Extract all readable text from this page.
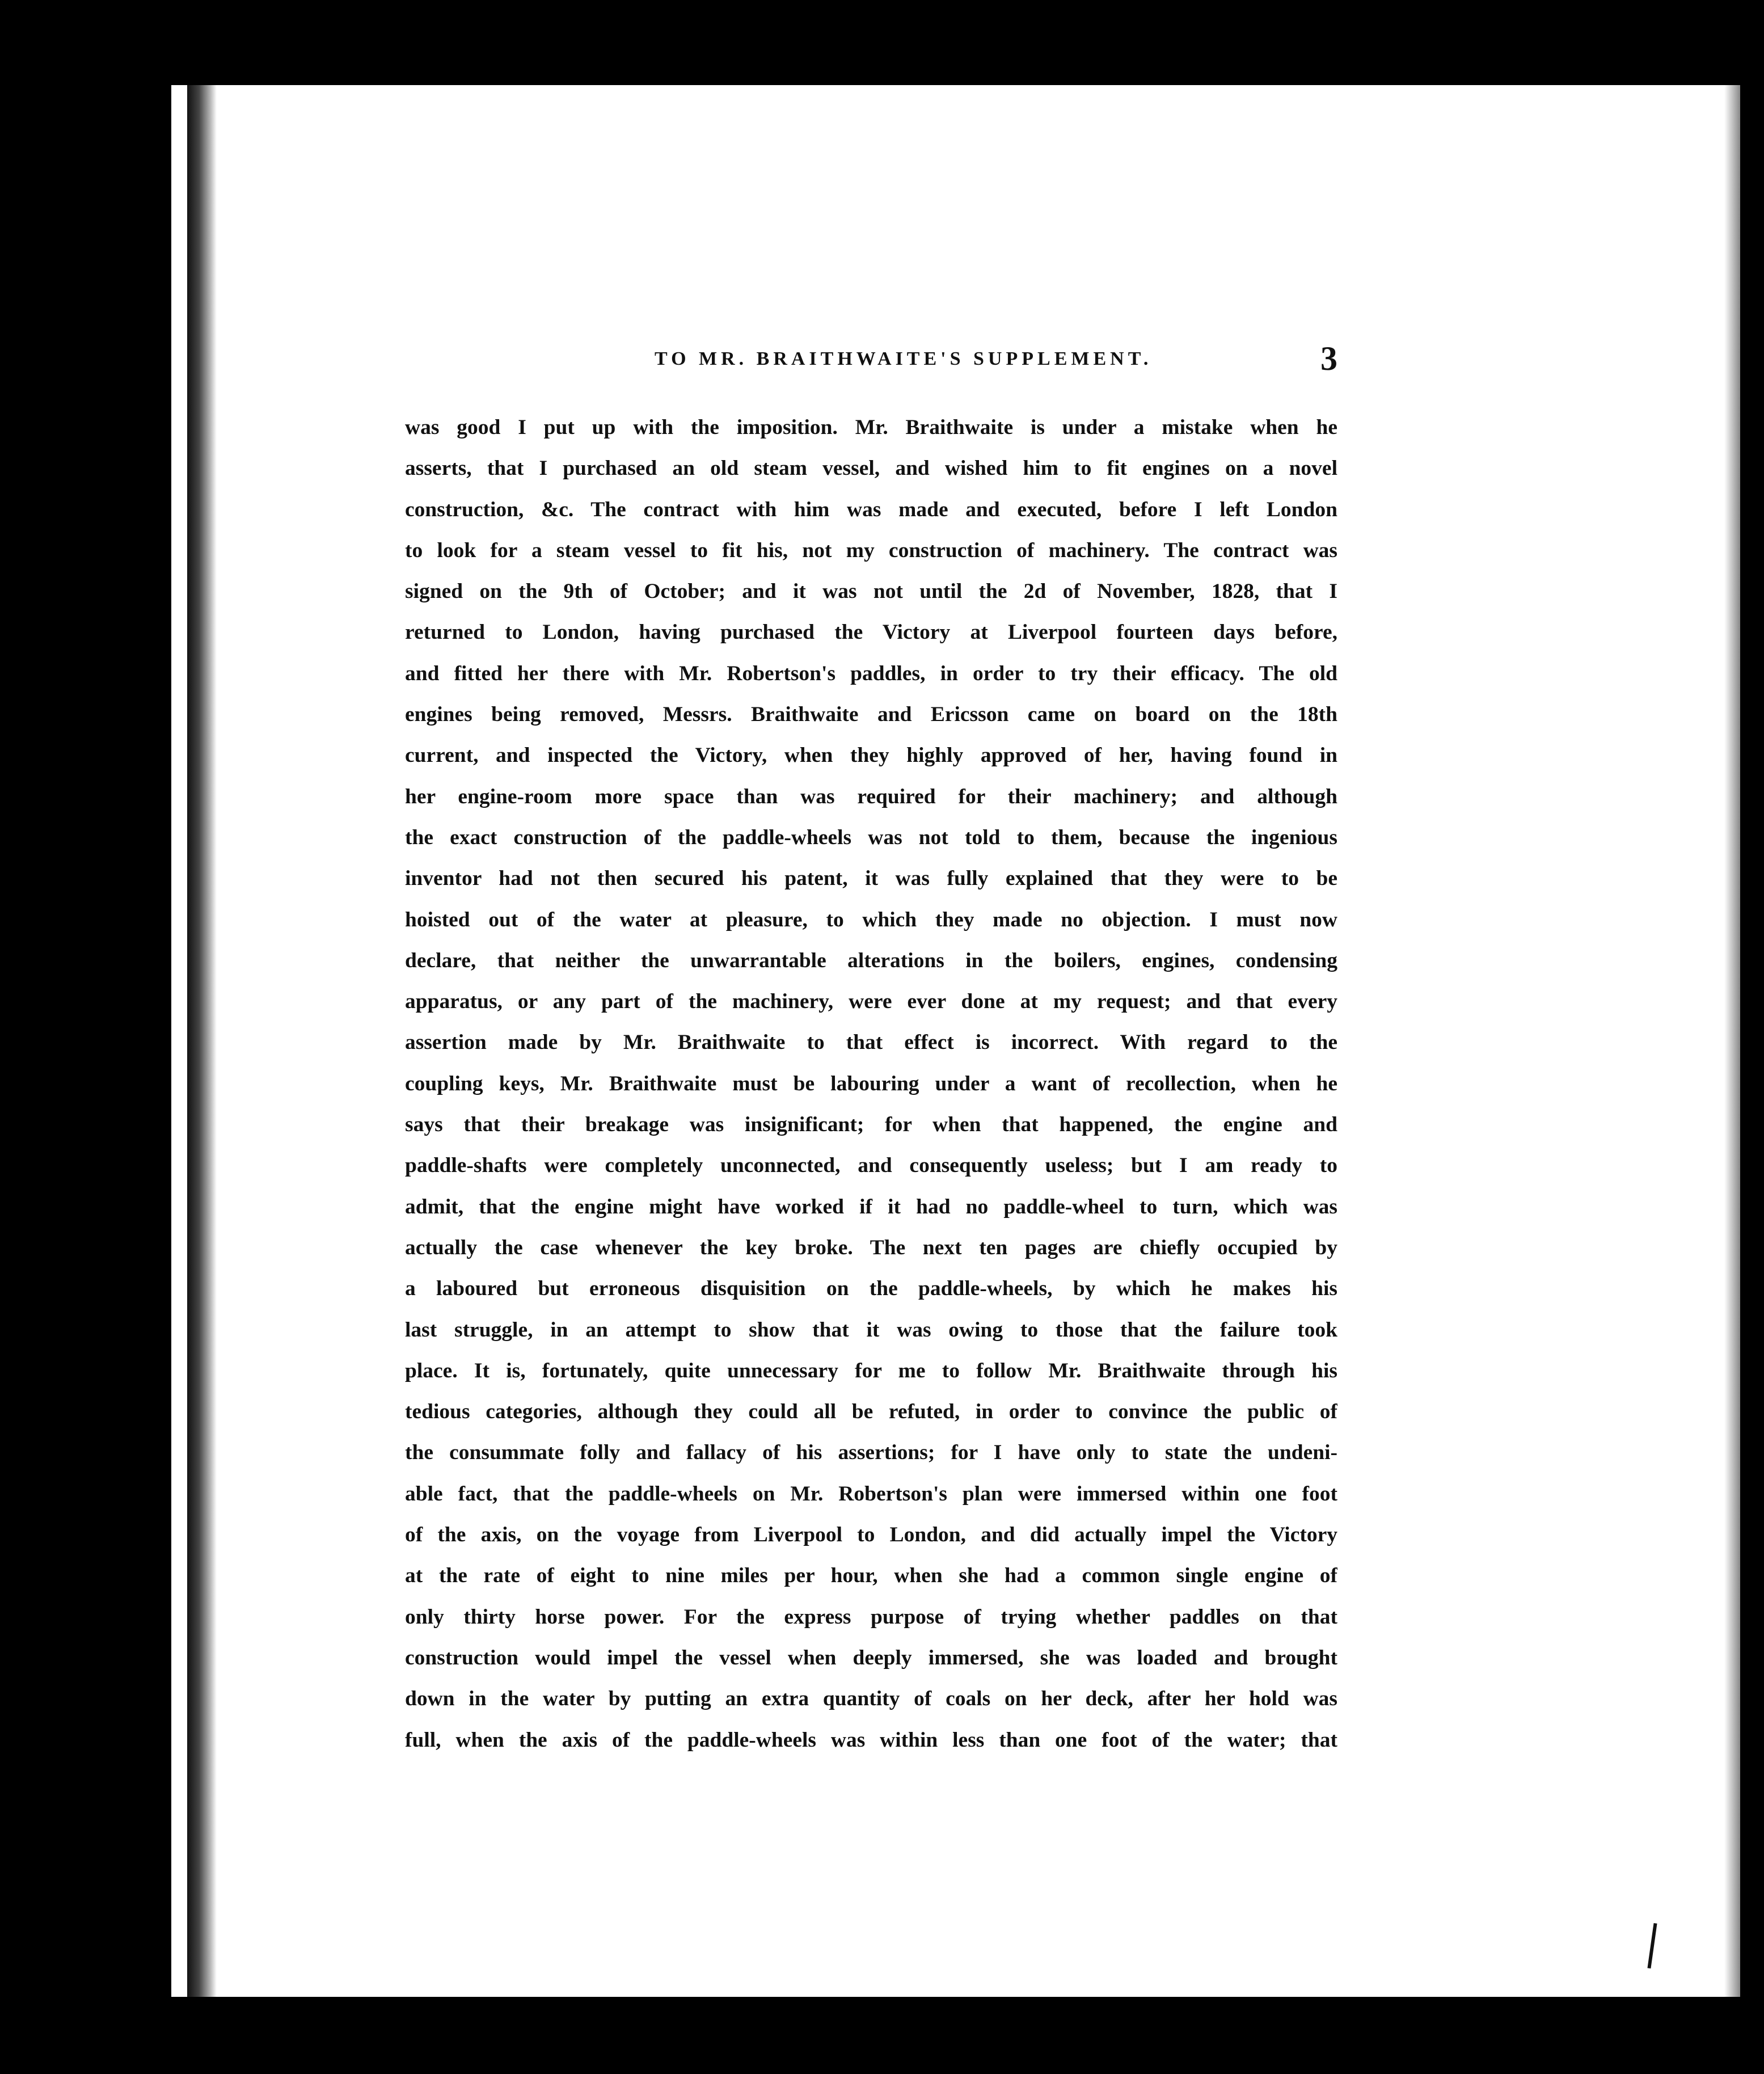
TO MR. BRAITHWAITE'S SUPPLEMENT.	3
was good I put up with the imposition. Mr. Braithwaite is under a mistake when he
asserts, that I purchased an old steam vessel, and wished him to fit engines on a novel
construction, &c. The contract with him was made and executed, before I left London
to look for a steam vessel to fit his, not my construction of machinery. The contract was
signed on the 9th of October; and it was not until the 2d of November, 1828, that I
returned to London, having purchased the Victory at Liverpool fourteen days before,
and fitted her there with Mr. Robertson's paddles, in order to try their efficacy. The old
engines being removed, Messrs. Braithwaite and Ericsson came on board on the 18th
current, and inspected the Victory, when they highly approved of her, having found in
her engine-room more space than was required for their machinery; and although
the exact construction of the paddle-wheels was not told to them, because the ingenious
inventor had not then secured his patent, it was fully explained that they were to be
hoisted out of the water at pleasure, to which they made no objection. I must now
declare, that neither the unwarrantable alterations in the boilers, engines, condensing
apparatus, or any part of the machinery, were ever done at my request; and that every
assertion made by Mr. Braithwaite to that effect is incorrect. With regard to the
coupling keys, Mr. Braithwaite must be labouring under a want of recollection, when he
says that their breakage was insignificant; for when that happened, the engine and
paddle-shafts were completely unconnected, and consequently useless; but I am ready to
admit, that the engine might have worked if it had no paddle-wheel to turn, which was
actually the case whenever the key broke. The next ten pages are chiefly occupied by
a laboured but erroneous disquisition on the paddle-wheels, by which he makes his
last struggle, in an attempt to show that it was owing to those that the failure took
place. It is, fortunately, quite unnecessary for me to follow Mr. Braithwaite through his
tedious categories, although they could all be refuted, in order to convince the public of
the consummate folly and fallacy of his assertions; for I have only to state the undeni-
able fact, that the paddle-wheels on Mr. Robertson's plan were immersed within one foot
of the axis, on the voyage from Liverpool to London, and did actually impel the Victory
at the rate of eight to nine miles per hour, when she had a common single engine of
only thirty horse power. For the express purpose of trying whether paddles on that
construction would impel the vessel when deeply immersed, she was loaded and brought
down in the water by putting an extra quantity of coals on her deck, after her hold was
full, when the axis of the paddle-wheels was within less than one foot of the water; that
